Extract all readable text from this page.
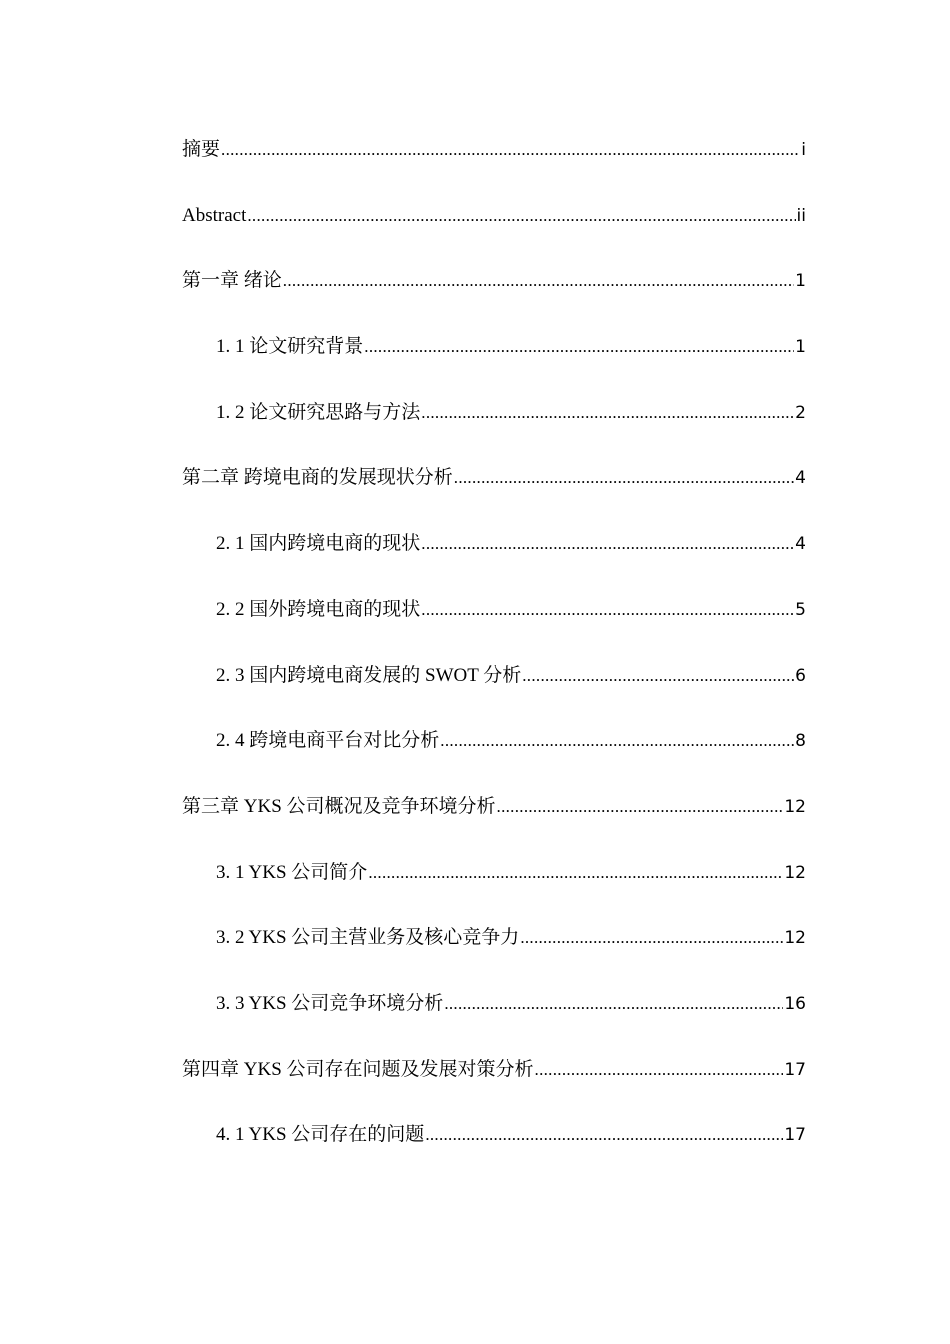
摘要 .....	i
Abstract .....	ii
第一章 绪论 .....	1
1. 1 论文研究背景 .....	1
1. 2 论文研究思路与方法 .....	2
第二章 跨境电商的发展现状分析 .....	4
2. 1 国内跨境电商的现状 .....	4
2. 2 国外跨境电商的现状 .....	5
2. 3 国内跨境电商发展的 SWOT 分析 .....	6
2. 4 跨境电商平台对比分析 .....	8
第三章 YKS 公司概况及竞争环境分析 .....	12
3. 1 YKS 公司简介 .....	12
3. 2 YKS 公司主营业务及核心竞争力 .....	12
3. 3 YKS 公司竞争环境分析 .....	16
第四章 YKS 公司存在问题及发展对策分析 .....	17
4. 1 YKS 公司存在的问题 .....	17
